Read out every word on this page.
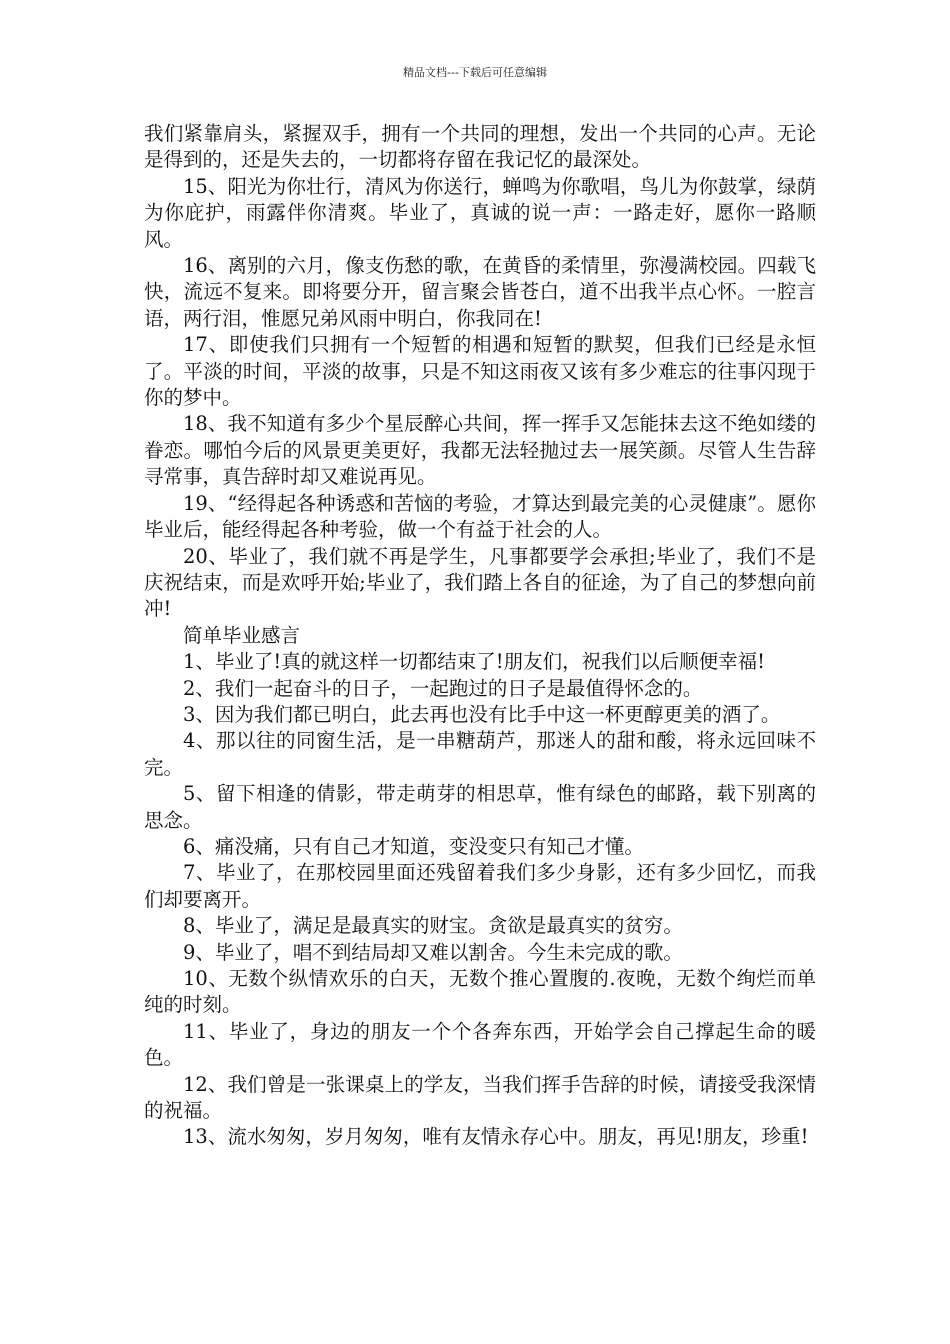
精品文档---下载后可任意编辑

我们紧靠肩头，紧握双手，拥有一个共同的理想，发出一个共同的心声。无论是得到的，还是失去的，一切都将存留在我记忆的最深处。

15、阳光为你壮行，清风为你送行，蝉鸣为你歌唱，鸟儿为你鼓掌，绿荫为你庇护，雨露伴你清爽。毕业了，真诚的说一声：一路走好，愿你一路顺风。

16、离别的六月，像支伤愁的歌，在黄昏的柔情里，弥漫满校园。四载飞快，流远不复来。即将要分开，留言聚会皆苍白，道不出我半点心怀。一腔言语，两行泪，惟愿兄弟风雨中明白，你我同在!

17、即使我们只拥有一个短暂的相遇和短暂的默契，但我们已经是永恒了。平淡的时间，平淡的故事，只是不知这雨夜又该有多少难忘的往事闪现于你的梦中。

18、我不知道有多少个星辰醉心共间，挥一挥手又怎能抹去这不绝如缕的眷恋。哪怕今后的风景更美更好，我都无法轻抛过去一展笑颜。尽管人生告辞寻常事，真告辞时却又难说再见。

19、“经得起各种诱惑和苦恼的考验，才算达到最完美的心灵健康”。愿你毕业后，能经得起各种考验，做一个有益于社会的人。

20、毕业了，我们就不再是学生，凡事都要学会承担;毕业了，我们不是庆祝结束，而是欢呼开始;毕业了，我们踏上各自的征途，为了自己的梦想向前冲!

简单毕业感言

1、毕业了!真的就这样一切都结束了!朋友们，祝我们以后顺便幸福!

2、我们一起奋斗的日子，一起跑过的日子是最值得怀念的。

3、因为我们都已明白，此去再也没有比手中这一杯更醇更美的酒了。

4、那以往的同窗生活，是一串糖葫芦，那迷人的甜和酸，将永远回味不完。

5、留下相逢的倩影，带走萌芽的相思草，惟有绿色的邮路，载下别离的思念。

6、痛没痛，只有自己才知道，变没变只有知己才懂。

7、毕业了，在那校园里面还残留着我们多少身影，还有多少回忆，而我们却要离开。

8、毕业了，满足是最真实的财宝。贪欲是最真实的贫穷。

9、毕业了，唱不到结局却又难以割舍。今生未完成的歌。

10、无数个纵情欢乐的白天，无数个推心置腹的.夜晚，无数个绚烂而单纯的时刻。

11、毕业了，身边的朋友一个个各奔东西，开始学会自己撑起生命的暖色。

12、我们曾是一张课桌上的学友，当我们挥手告辞的时候，请接受我深情的祝福。

13、流水匆匆，岁月匆匆，唯有友情永存心中。朋友，再见!朋友，珍重!
